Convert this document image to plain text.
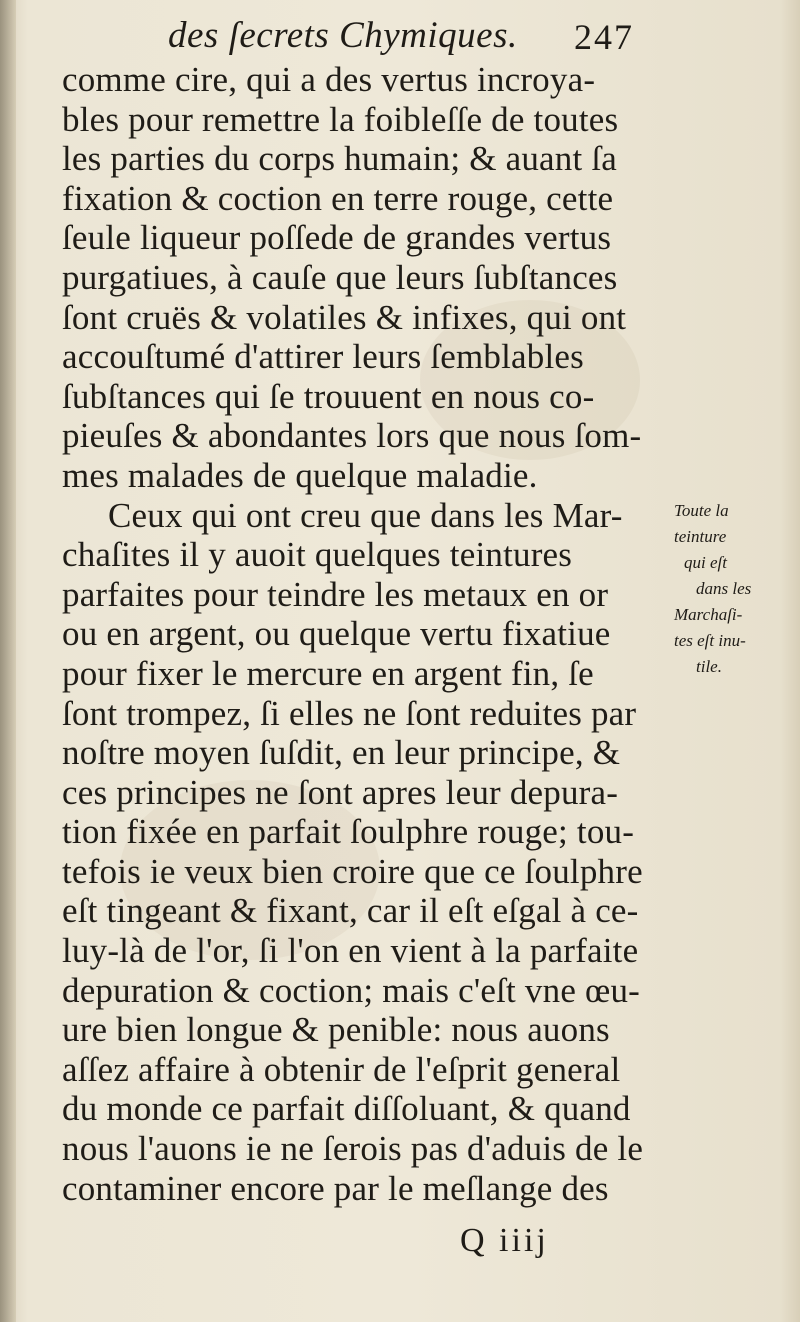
des ſecrets Chymiques. 247
comme cire, qui a des vertus incroya-
bles pour remettre la foibleſſe de toutes
les parties du corps humain; & auant ſa
fixation & coction en terre rouge, cette
ſeule liqueur poſſede de grandes vertus
purgatiues, à cauſe que leurs ſubſtances
ſont cruës & volatiles & infixes, qui ont
accouſtumé d'attirer leurs ſemblables
ſubſtances qui ſe trouuent en nous co-
pieuſes & abondantes lors que nous ſom-
mes malades de quelque maladie.
Ceux qui ont creu que dans les Mar-
chaſites il y auoit quelques teintures
parfaites pour teindre les metaux en or
ou en argent, ou quelque vertu fixatiue
pour fixer le mercure en argent fin, ſe
ſont trompez, ſi elles ne ſont reduites par
noſtre moyen ſuſdit, en leur principe, &
ces principes ne ſont apres leur depura-
tion fixée en parfait ſoulphre rouge; tou-
tefois ie veux bien croire que ce ſoulphre
eſt tingeant & fixant, car il eſt eſgal à ce-
luy-là de l'or, ſi l'on en vient à la parfaite
depuration & coction; mais c'eſt vne œu-
ure bien longue & penible: nous auons
aſſez affaire à obtenir de l'eſprit general
du monde ce parfait diſſoluant, & quand
nous l'auons ie ne ſerois pas d'aduis de le
contaminer encore par le meſlange des
Toute la
teinture
qui eſt
dans les
Marchaſi-
tes eſt inu-
tile.
Q iiij
